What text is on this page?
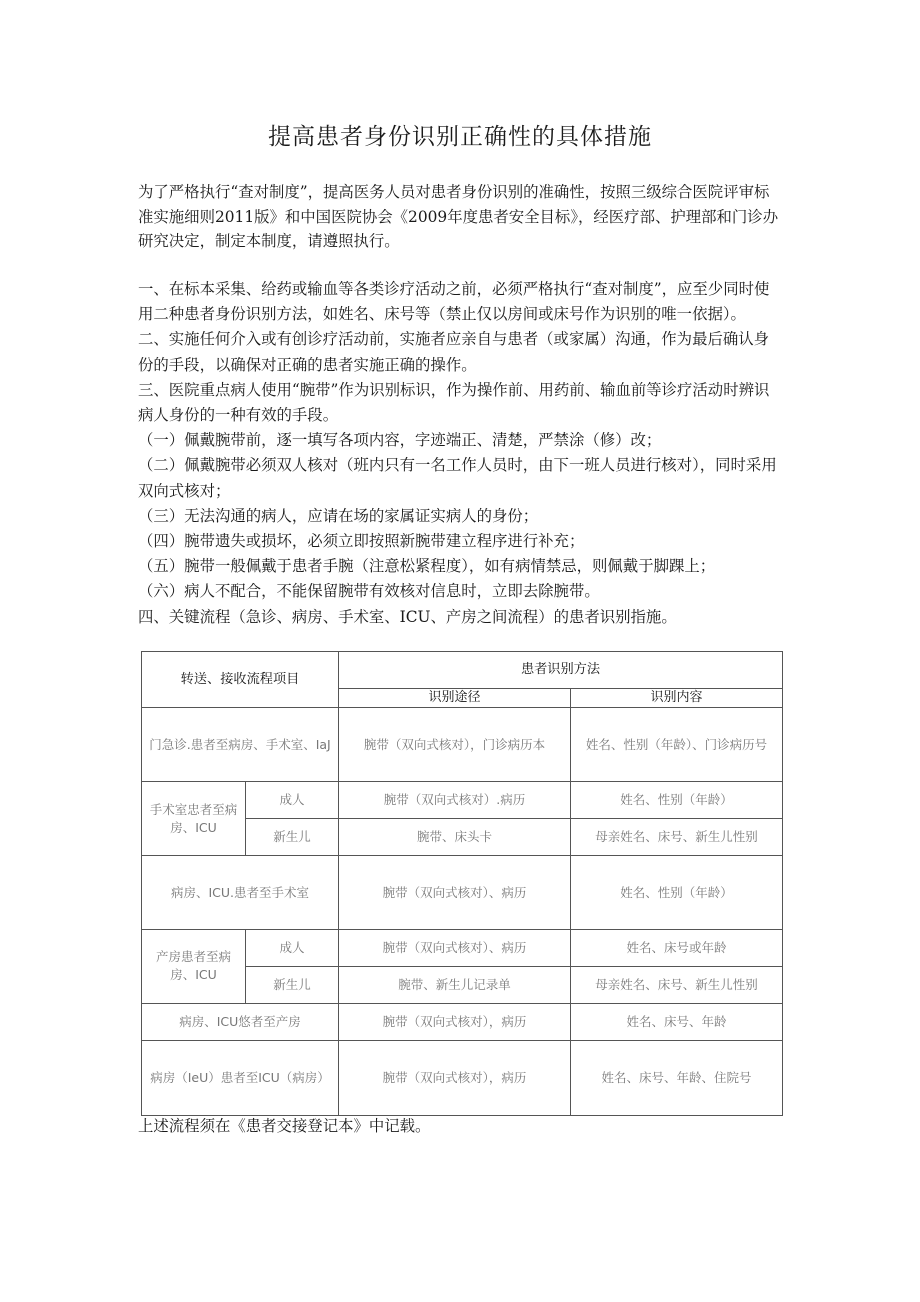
提高患者身份识别正确性的具体措施

为了严格执行“查对制度”，提高医务人员对患者身份识别的准确性，按照三级综合医院评审标准实施细则2011版》和中国医院协会《2009年度患者安全目标》，经医疗部、护理部和门诊办研究决定，制定本制度，请遵照执行。

一、在标本采集、给药或输血等各类诊疗活动之前，必须严格执行“查对制度”，应至少同时使用二种患者身份识别方法，如姓名、床号等（禁止仅以房间或床号作为识别的唯一依据）。

二、实施任何介入或有创诊疗活动前，实施者应亲自与患者（或家属）沟通，作为最后确认身份的手段，以确保对正确的患者实施正确的操作。

三、医院重点病人使用“腕带”作为识别标识，作为操作前、用药前、输血前等诊疗活动时辨识病人身份的一种有效的手段。

（一）佩戴腕带前，逐一填写各项内容，字迹端正、清楚，严禁涂（修）改；

（二）佩戴腕带必须双人核对（班内只有一名工作人员时，由下一班人员进行核对），同时采用双向式核对；

（三）无法沟通的病人，应请在场的家属证实病人的身份；

（四）腕带遗失或损坏，必须立即按照新腕带建立程序进行补充；

（五）腕带一般佩戴于患者手腕（注意松紧程度），如有病情禁忌，则佩戴于脚踝上；

（六）病人不配合，不能保留腕带有效核对信息时，立即去除腕带。

四、关键流程（急诊、病房、手术室、ICU、产房之间流程）的患者识别指施。

转送、接收流程项目		患者识别方法	
		识别途径	识别内容
门急诊.患者至病房、手术室、IaJ		腕带（双向式核对），门诊病历本	姓名、性别（年龄）、门诊病历号
手术室忠者至病房、ICU	成人	腕带（双向式核对）.病历	姓名、性别（年龄）
	新生儿	腕带、床头卡	母亲姓名、床号、新生儿性别
病房、ICU.患者至手术室		腕带（双向式核对）、病历	姓名、性别（年龄）
产房患者至病房、ICU	成人	腕带（双向式核对）、病历	姓名、床号或年龄
	新生儿	腕带、新生儿记录单	母亲姓名、床号、新生儿性别
病房、ICU悠者至产房		腕带（双向式核对），病历	姓名、床号、年龄
病房（IeU）患者至ICU（病房）		腕带（双向式核对），病历	姓名、床号、年龄、住院号
上述流程须在《患者交接登记本》中记载。
